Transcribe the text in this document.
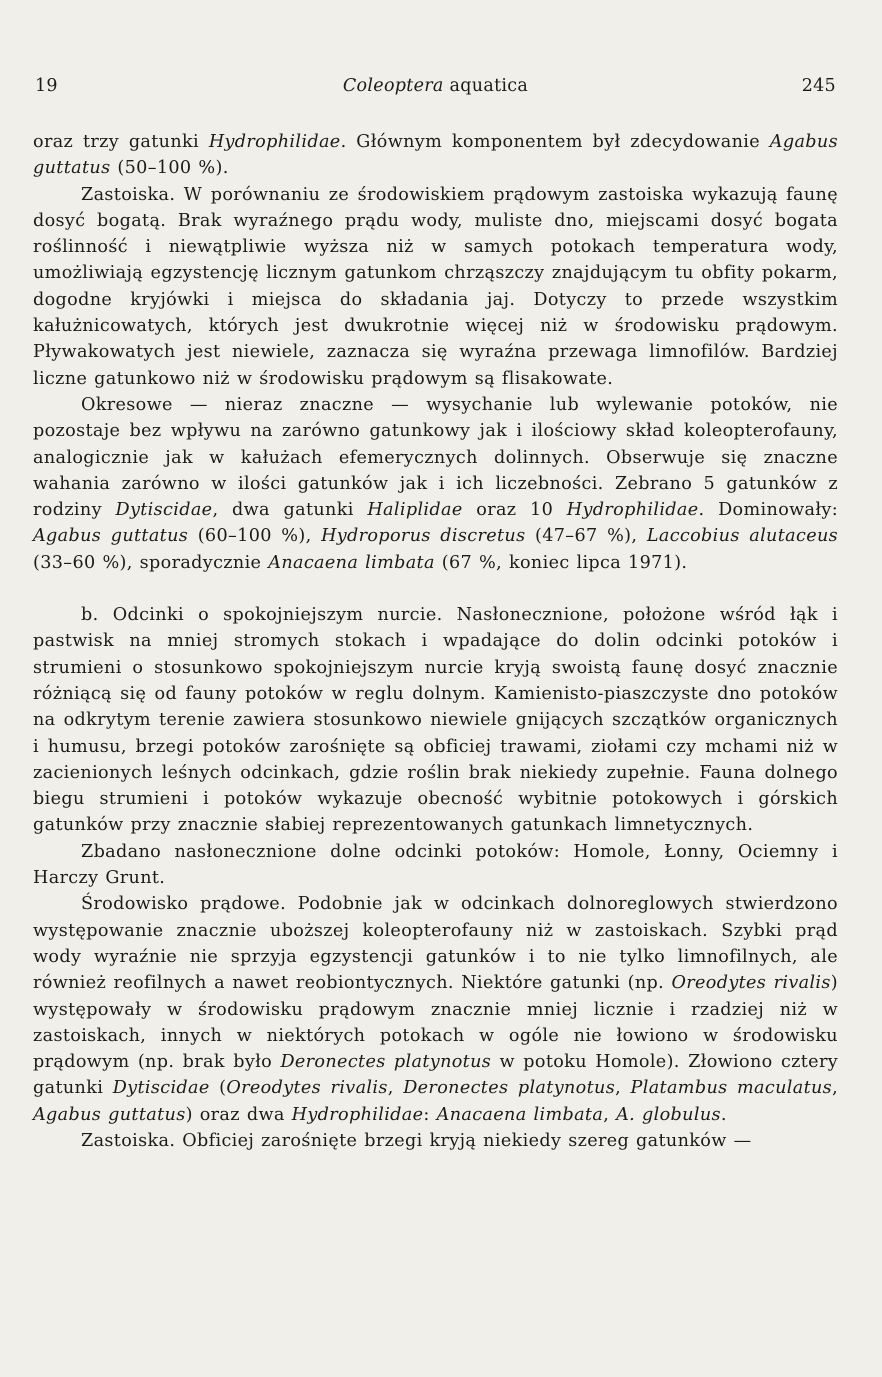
19	Coleoptera aquatica	245

oraz trzy gatunki Hydrophilidae. Głównym komponentem był zdecydowanie Agabus guttatus (50–100 %).

Zastoiska. W porównaniu ze środowiskiem prądowym zastoiska wykazują faunę dosyć bogatą. Brak wyraźnego prądu wody, muliste dno, miejscami dosyć bogata roślinność i niewątpliwie wyższa niż w samych potokach temperatura wody, umożliwiają egzystencję licznym gatunkom chrząszczy znajdującym tu obfity pokarm, dogodne kryjówki i miejsca do składania jaj. Dotyczy to przede wszystkim kałużnicowatych, których jest dwukrotnie więcej niż w środowisku prądowym. Pływakowatych jest niewiele, zaznacza się wyraźna przewaga limnofilów. Bardziej liczne gatunkowo niż w środowisku prądowym są flisakowate.

Okresowe — nieraz znaczne — wysychanie lub wylewanie potoków, nie pozostaje bez wpływu na zarówno gatunkowy jak i ilościowy skład koleopterofauny, analogicznie jak w kałużach efemerycznych dolinnych. Obserwuje się znaczne wahania zarówno w ilości gatunków jak i ich liczebności. Zebrano 5 gatunków z rodziny Dytiscidae, dwa gatunki Haliplidae oraz 10 Hydrophilidae. Dominowały: Agabus guttatus (60–100 %), Hydroporus discretus (47–67 %), Laccobius alutaceus (33–60 %), sporadycznie Anacaena limbata (67 %, koniec lipca 1971).

b. Odcinki o spokojniejszym nurcie. Nasłonecznione, położone wśród łąk i pastwisk na mniej stromych stokach i wpadające do dolin odcinki potoków i strumieni o stosunkowo spokojniejszym nurcie kryją swoistą faunę dosyć znacznie różniącą się od fauny potoków w reglu dolnym. Kamienisto-piaszczyste dno potoków na odkrytym terenie zawiera stosunkowo niewiele gnijących szczątków organicznych i humusu, brzegi potoków zarośnięte są obficiej trawami, ziołami czy mchami niż w zacienionych leśnych odcinkach, gdzie roślin brak niekiedy zupełnie. Fauna dolnego biegu strumieni i potoków wykazuje obecność wybitnie potokowych i górskich gatunków przy znacznie słabiej reprezentowanych gatunkach limnetycznych.

Zbadano nasłonecznione dolne odcinki potoków: Homole, Łonny, Ociemny i Harczy Grunt.

Środowisko prądowe. Podobnie jak w odcinkach dolnoreglowych stwierdzono występowanie znacznie uboższej koleopterofauny niż w zastoiskach. Szybki prąd wody wyraźnie nie sprzyja egzystencji gatunków i to nie tylko limnofilnych, ale również reofilnych a nawet reobiontycznych. Niektóre gatunki (np. Oreodytes rivalis) występowały w środowisku prądowym znacznie mniej licznie i rzadziej niż w zastoiskach, innych w niektórych potokach w ogóle nie łowiono w środowisku prądowym (np. brak było Deronectes platynotus w potoku Homole). Złowiono cztery gatunki Dytiscidae (Oreodytes rivalis, Deronectes platynotus, Platambus maculatus, Agabus guttatus) oraz dwa Hydrophilidae: Anacaena limbata, A. globulus.

Zastoiska. Obficiej zarośnięte brzegi kryją niekiedy szereg gatunków —
